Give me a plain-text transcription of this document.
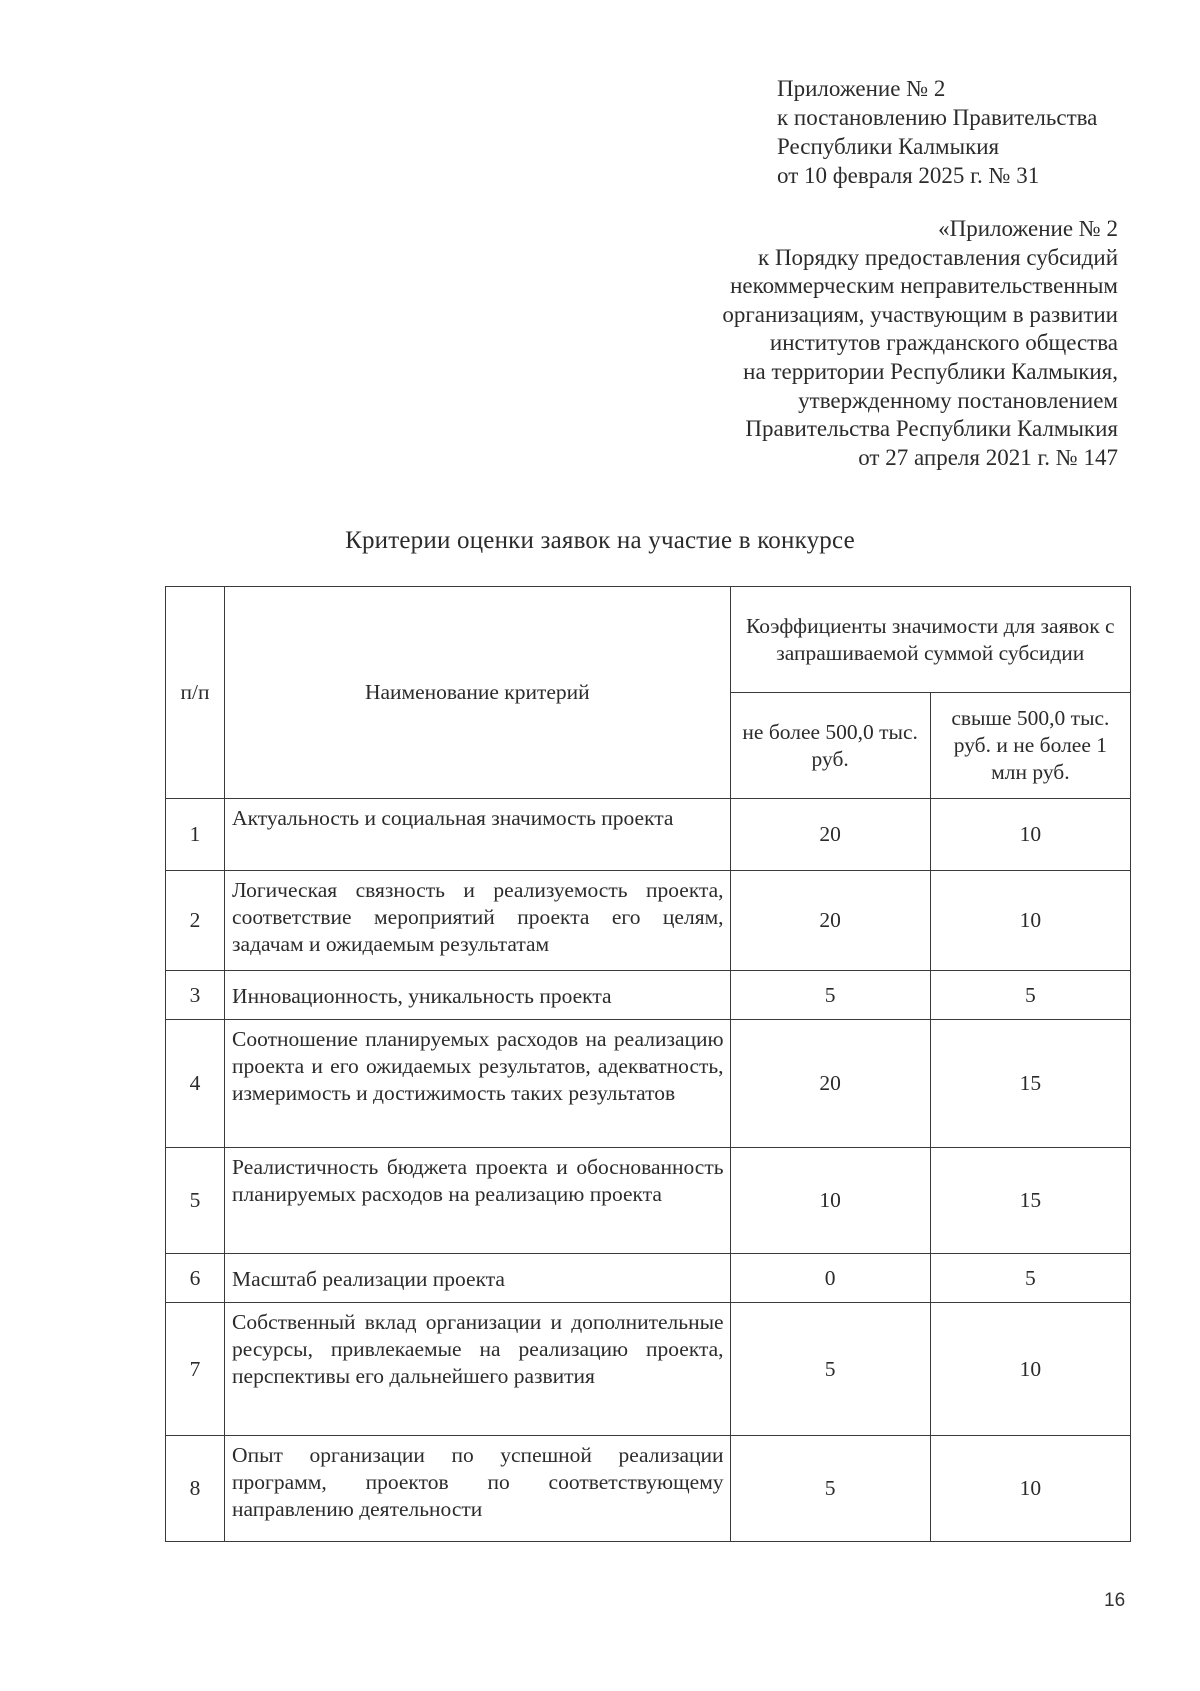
Приложение № 2
к постановлению Правительства
Республики Калмыкия
от 10 февраля 2025 г. № 31
«Приложение № 2
к Порядку предоставления субсидий
некоммерческим неправительственным
организациям, участвующим в развитии
институтов гражданского общества
на территории Республики Калмыкия,
утвержденному постановлением
Правительства Республики Калмыкия
от 27 апреля 2021 г. № 147
Критерии оценки заявок на участие в конкурсе
п/п	Наименование критерий	Коэффициенты значимости для заявок с запрашиваемой суммой субсидии	
		не более 500,0 тыс. руб.	свыше 500,0 тыс. руб. и не более 1 млн руб.
1	Актуальность и социальная значимость проекта	20	10
2	Логическая связность и реализуемость проекта, соответствие мероприятий проекта его целям, задачам и ожидаемым результатам	20	10
3	Инновационность, уникальность проекта	5	5
4	Соотношение планируемых расходов на реализацию проекта и его ожидаемых результатов, адекватность, измеримость и достижимость таких результатов	20	15
5	Реалистичность бюджета проекта и обоснованность планируемых расходов на реализацию проекта	10	15
6	Масштаб реализации проекта	0	5
7	Собственный вклад организации и дополнительные ресурсы, привлекаемые на реализацию проекта, перспективы его дальнейшего развития	5	10
8	Опыт организации по успешной реализации программ, проектов по соответствующему направлению деятельности	5	10
16
